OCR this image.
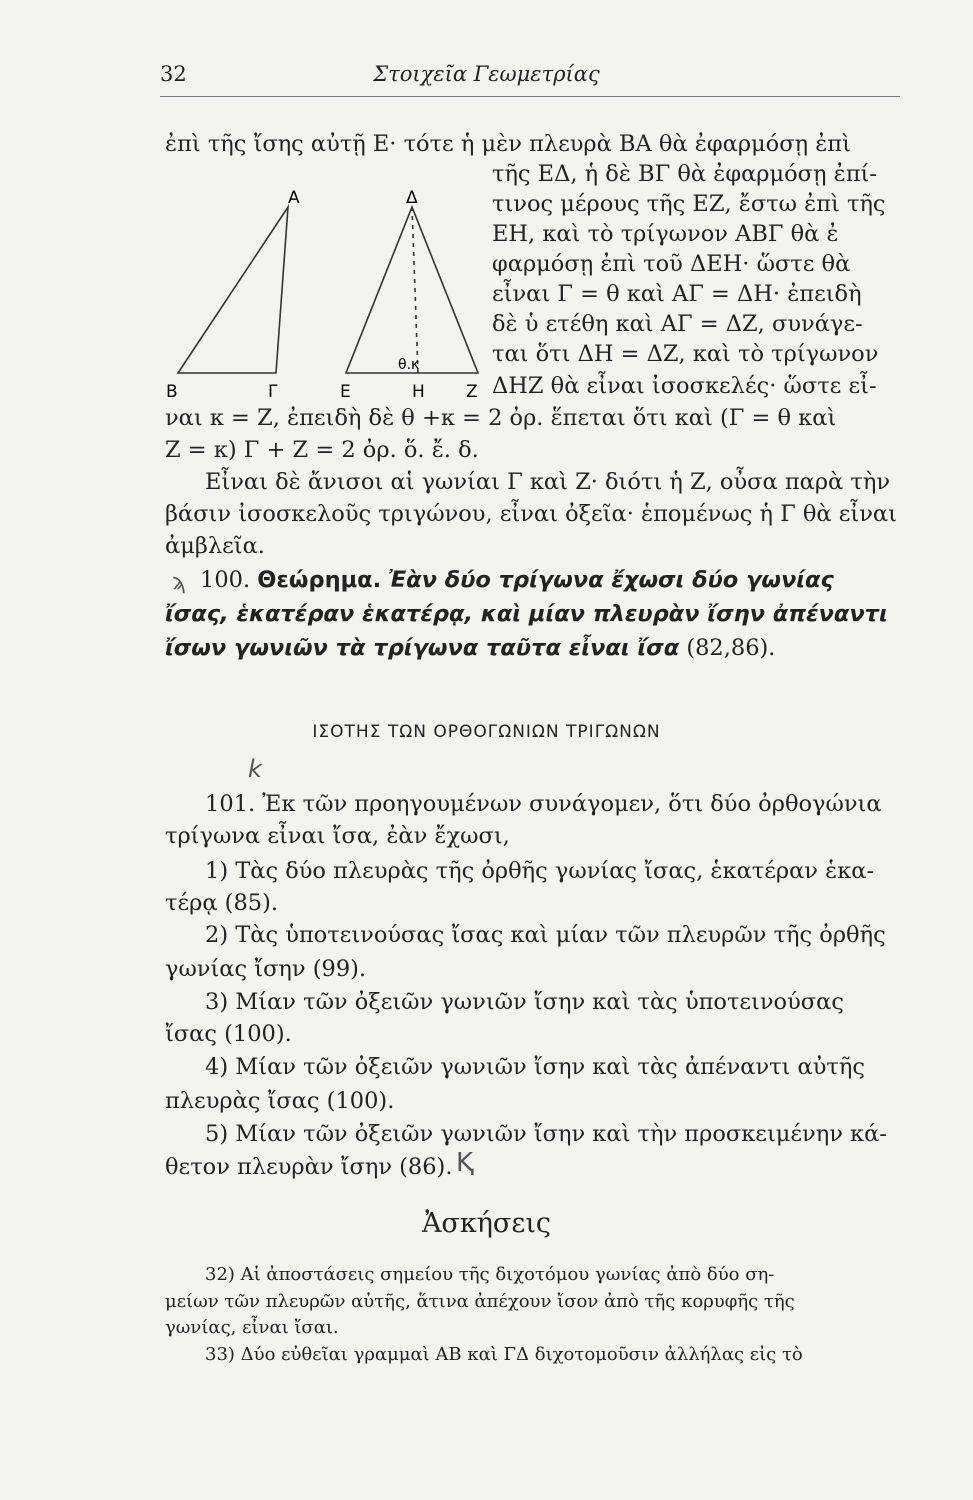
32	Στοιχεῖα Γεωμετρίας
A	Δ
B	Γ	E	H Z
θ.κ
ἐπὶ τῆς ἴσης αὐτῇ Ε· τότε ἡ μὲν πλευρὰ ΒΑ θὰ ἐφαρμόσῃ ἐπὶ
τῆς ΕΔ, ἡ δὲ ΒΓ θὰ ἐφαρμόσῃ ἐπί-
τινος μέρους τῆς ΕΖ, ἔστω ἐπὶ τῆς
ΕΗ, καὶ τὸ τρίγωνον ΑΒΓ θὰ ἐ
φαρμόσῃ ἐπὶ τοῦ ΔΕΗ· ὥστε θὰ
εἶναι Γ = θ καὶ ΑΓ = ΔΗ· ἐπειδὴ
δὲ ὑ ετέθη καὶ ΑΓ = ΔΖ, συνάγε-
ται ὅτι ΔΗ = ΔΖ, καὶ τὸ τρίγωνον
ΔΗΖ θὰ εἶναι ἰσοσκελές· ὥστε εἶ-
ναι κ = Ζ, ἐπειδὴ δὲ θ +κ = 2 ὀρ. ἕπεται ὅτι καὶ (Γ = θ καὶ
Ζ = κ) Γ + Ζ = 2 ὀρ. ὅ. ἔ. δ.
Εἶναι δὲ ἄνισοι αἱ γωνίαι Γ καὶ Ζ· διότι ἡ Ζ, οὖσα παρὰ τὴν
βάσιν ἰσοσκελοῦς τριγώνου, εἶναι ὀξεῖα· ἑπομένως ἡ Γ θὰ εἶναι
ἀμβλεῖα.
ϡ 100. Θεώρημα. Ἐὰν δύο τρίγωνα ἔχωσι δύο γωνίας
ἴσας, ἑκατέραν ἑκατέρᾳ, καὶ μίαν πλευρὰν ἴσην ἀπέναντι
ἴσων γωνιῶν τὰ τρίγωνα ταῦτα εἶναι ἴσα (82,86).
ΙΣΟΤΗΣ ΤΩΝ ΟΡΘΟΓΩΝΙΩΝ ΤΡΙΓΩΝΩΝ
k
101. Ἐκ τῶν προηγουμένων συνάγομεν, ὅτι δύο ὀρθογώνια
τρίγωνα εἶναι ἴσα, ἐὰν ἔχωσι,
1) Τὰς δύο πλευρὰς τῆς ὀρθῆς γωνίας ἴσας, ἑκατέραν ἑκα-
τέρᾳ (85).
2) Τὰς ὑποτεινούσας ἴσας καὶ μίαν τῶν πλευρῶν τῆς ὀρθῆς
γωνίας ἴσην (99).
3) Μίαν τῶν ὀξειῶν γωνιῶν ἴσην καὶ τὰς ὑποτεινούσας
ἴσας (100).
4) Μίαν τῶν ὀξειῶν γωνιῶν ἴσην καὶ τὰς ἀπέναντι αὐτῆς
πλευρὰς ἴσας (100).
5) Μίαν τῶν ὀξειῶν γωνιῶν ἴσην καὶ τὴν προσκειμένην κά-
θετον πλευρὰν ἴσην (86). Ⱪ
Ἀσκήσεις
32) Αἱ ἀποστάσεις σημείου τῆς διχοτόμου γωνίας ἀπὸ δύο ση-
μείων τῶν πλευρῶν αὐτῆς, ἅτινα ἀπέχουν ἴσον ἀπὸ τῆς κορυφῆς τῆς
γωνίας, εἶναι ἴσαι.
33) Δύο εὐθεῖαι γραμμαὶ ΑΒ καὶ ΓΔ διχοτομοῦσιν ἀλλήλας εἰς τὸ
